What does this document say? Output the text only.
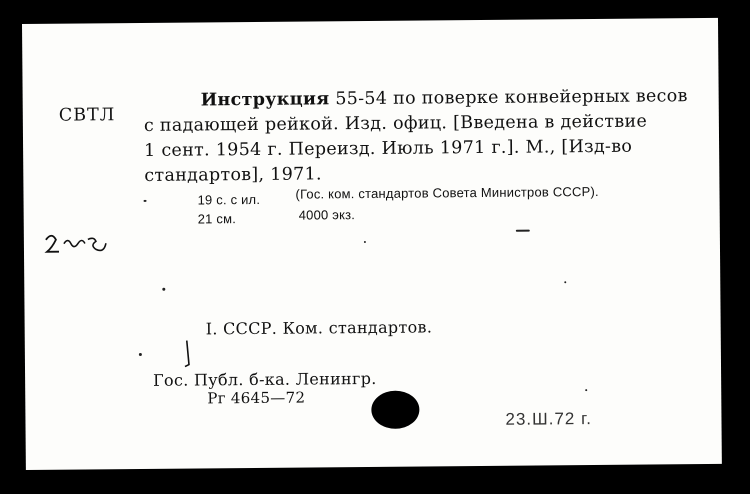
СВТЛ
Инструкция 55-54 по поверке конвейерных весов
с падающей рейкой. Изд. офиц. [Введена в действие
1 сент. 1954 г. Переизд. Июль 1971 г.]. М., [Изд-во
стандартов], 1971.
19 с. с ил.	(Гос. ком. стандартов Совета Министров СССР).
21 см.	4000 экз.
I. СССР. Ком. стандартов.
Гос. Публ. б-ка. Ленингр.
Рг 4645—72
23.Ш.72 г.
